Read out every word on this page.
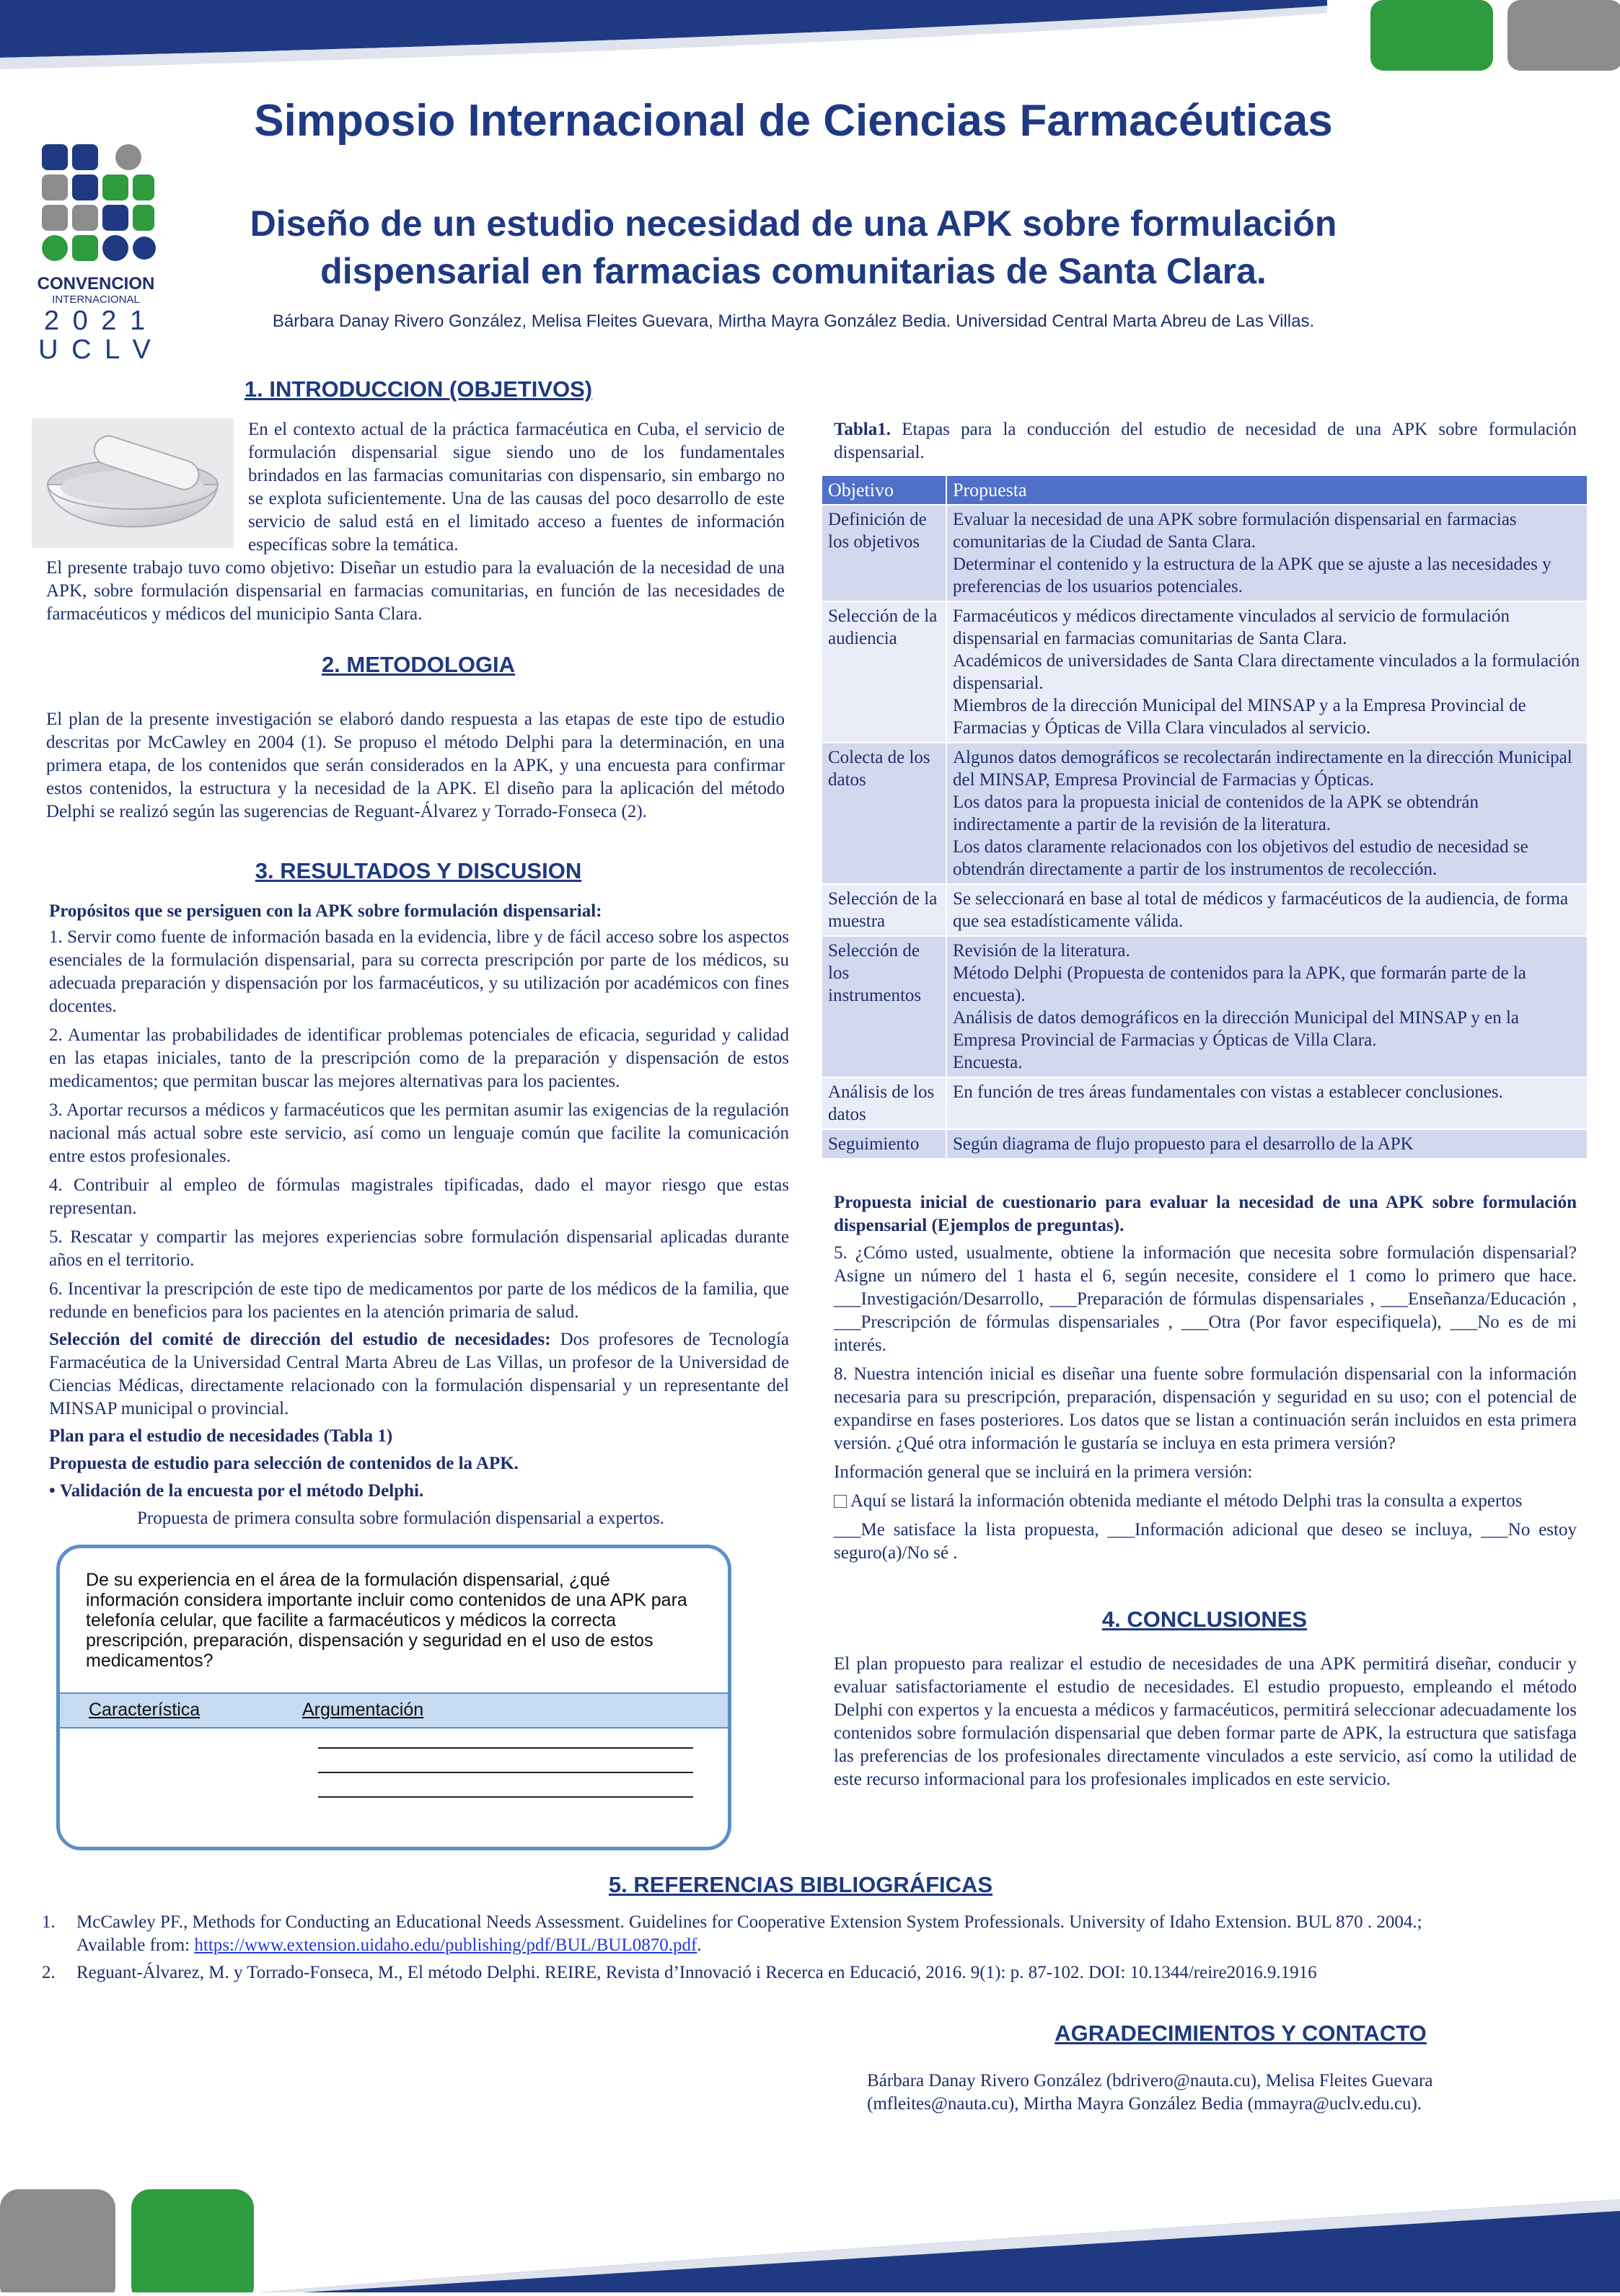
CONVENCION
INTERNACIONAL
2 0 2 1
U C L V
Simposio Internacional de Ciencias Farmacéuticas
Diseño de un estudio necesidad de una APK sobre formulación
dispensarial en farmacias comunitarias de Santa Clara.
Bárbara Danay Rivero González, Melisa Fleites Guevara, Mirtha Mayra González Bedia. Universidad Central Marta Abreu de Las Villas.
1. INTRODUCCION (OBJETIVOS)
En el contexto actual de la práctica farmacéutica en Cuba, el servicio de formulación dispensarial sigue siendo uno de los fundamentales brindados en las farmacias comunitarias con dispensario, sin embargo no se explota suficientemente. Una de las causas del poco desarrollo de este servicio de salud está en el limitado acceso a fuentes de información específicas sobre la temática.
El presente trabajo tuvo como objetivo: Diseñar un estudio para la evaluación de la necesidad de una APK, sobre formulación dispensarial en farmacias comunitarias, en función de las necesidades de farmacéuticos y médicos del municipio Santa Clara.
2. METODOLOGIA
El plan de la presente investigación se elaboró dando respuesta a las etapas de este tipo de estudio descritas por McCawley en 2004 (1). Se propuso el método Delphi para la determinación, en una primera etapa, de los contenidos que serán considerados en la APK, y una encuesta para confirmar estos contenidos, la estructura y la necesidad de la APK. El diseño para la aplicación del método Delphi se realizó según las sugerencias de Reguant-Álvarez y Torrado-Fonseca (2).
3. RESULTADOS Y DISCUSION

Propósitos que se persiguen con la APK sobre formulación dispensarial:

1. Servir como fuente de información basada en la evidencia, libre y de fácil acceso sobre los aspectos esenciales de la formulación dispensarial, para su correcta prescripción por parte de los médicos, su adecuada preparación y dispensación por los farmacéuticos, y su utilización por académicos con fines docentes.

2. Aumentar las probabilidades de identificar problemas potenciales de eficacia, seguridad y calidad en las etapas iniciales, tanto de la prescripción como de la preparación y dispensación de estos medicamentos; que permitan buscar las mejores alternativas para los pacientes.

3. Aportar recursos a médicos y farmacéuticos que les permitan asumir las exigencias de la regulación nacional más actual sobre este servicio, así como un lenguaje común que facilite la comunicación entre estos profesionales.

4. Contribuir al empleo de fórmulas magistrales tipificadas, dado el mayor riesgo que estas representan.

5. Rescatar y compartir las mejores experiencias sobre formulación dispensarial aplicadas durante años en el territorio.

6. Incentivar la prescripción de este tipo de medicamentos por parte de los médicos de la familia, que redunde en beneficios para los pacientes en la atención primaria de salud.

Selección del comité de dirección del estudio de necesidades: Dos profesores de Tecnología Farmacéutica de la Universidad Central Marta Abreu de Las Villas, un profesor de la Universidad de Ciencias Médicas, directamente relacionado con la formulación dispensarial y un representante del MINSAP municipal o provincial.

Plan para el estudio de necesidades (Tabla 1)

Propuesta de estudio para selección de contenidos de la APK.

• Validación de la encuesta por el método Delphi.

Propuesta de primera consulta sobre formulación dispensarial a expertos.

De su experiencia en el área de la formulación dispensarial, ¿qué información considera importante incluir como contenidos de una APK para telefonía celular, que facilite a farmacéuticos y médicos la correcta prescripción, preparación, dispensación y seguridad en el uso de estos medicamentos?
Característica	Argumentación
Tabla1. Etapas para la conducción del estudio de necesidad de una APK sobre formulación dispensarial.
Objetivo	Propuesta
Definición de los objetivos	Evaluar la necesidad de una APK sobre formulación dispensarial en farmacias comunitarias de la Ciudad de Santa Clara.
Determinar el contenido y la estructura de la APK que se ajuste a las necesidades y preferencias de los usuarios potenciales.

Selección de la audiencia	Farmacéuticos y médicos directamente vinculados al servicio de formulación dispensarial en farmacias comunitarias de Santa Clara.
Académicos de universidades de Santa Clara directamente vinculados a la formulación dispensarial.
Miembros de la dirección Municipal del MINSAP y a la Empresa Provincial de Farmacias y Ópticas de Villa Clara vinculados al servicio.

Colecta de los datos	Algunos datos demográficos se recolectarán indirectamente en la dirección Municipal del MINSAP, Empresa Provincial de Farmacias y Ópticas.
Los datos para la propuesta inicial de contenidos de la APK se obtendrán indirectamente a partir de la revisión de la literatura.
Los datos claramente relacionados con los objetivos del estudio de necesidad se obtendrán directamente a partir de los instrumentos de recolección.

Selección de la muestra	Se seleccionará en base al total de médicos y farmacéuticos de la audiencia, de forma que sea estadísticamente válida.

Selección de los instrumentos	Revisión de la literatura.
Método Delphi (Propuesta de contenidos para la APK, que formarán parte de la encuesta).
Análisis de datos demográficos en la dirección Municipal del MINSAP y en la Empresa Provincial de Farmacias y Ópticas de Villa Clara.
Encuesta.

Análisis de los datos	En función de tres áreas fundamentales con vistas a establecer conclusiones.

Seguimiento	Según diagrama de flujo propuesto para el desarrollo de la APK

Propuesta inicial de cuestionario para evaluar la necesidad de una APK sobre formulación dispensarial (Ejemplos de preguntas).

5. ¿Cómo usted, usualmente, obtiene la información que necesita sobre formulación dispensarial? Asigne un número del 1 hasta el 6, según necesite, considere el 1 como lo primero que hace. ___Investigación/Desarrollo, ___Preparación de fórmulas dispensariales , ___Enseñanza/Educación , ___Prescripción de fórmulas dispensariales , ___Otra (Por favor especifiquela), ___No es de mi interés.

8. Nuestra intención inicial es diseñar una fuente sobre formulación dispensarial con la información necesaria para su prescripción, preparación, dispensación y seguridad en su uso; con el potencial de expandirse en fases posteriores. Los datos que se listan a continuación serán incluidos en esta primera versión. ¿Qué otra información le gustaría se incluya en esta primera versión?

Información general que se incluirá en la primera versión:

Aquí se listará la información obtenida mediante el método Delphi tras la consulta a expertos

___Me satisface la lista propuesta, ___Información adicional que deseo se incluya, ___No estoy seguro(a)/No sé .

4. CONCLUSIONES
El plan propuesto para realizar el estudio de necesidades de una APK permitirá diseñar, conducir y evaluar satisfactoriamente el estudio de necesidades. El estudio propuesto, empleando el método Delphi con expertos y la encuesta a médicos y farmacéuticos, permitirá seleccionar adecuadamente los contenidos sobre formulación dispensarial que deben formar parte de APK, la estructura que satisfaga las preferencias de los profesionales directamente vinculados a este servicio, así como la utilidad de este recurso informacional para los profesionales implicados en este servicio.
5. REFERENCIAS BIBLIOGRÁFICAS
1.	McCawley PF., Methods for Conducting an Educational Needs Assessment. Guidelines for Cooperative Extension System Professionals. University of Idaho Extension. BUL 870 . 2004.;
Available from: https://www.extension.uidaho.edu/publishing/pdf/BUL/BUL0870.pdf.
2.	Reguant-Álvarez, M. y Torrado-Fonseca, M., El método Delphi. REIRE, Revista d’Innovació i Recerca en Educació, 2016. 9(1): p. 87-102. DOI: 10.1344/reire2016.9.1916
AGRADECIMIENTOS Y CONTACTO
Bárbara Danay Rivero González (bdrivero@nauta.cu), Melisa Fleites Guevara (mfleites@nauta.cu), Mirtha Mayra González Bedia (mmayra@uclv.edu.cu).
